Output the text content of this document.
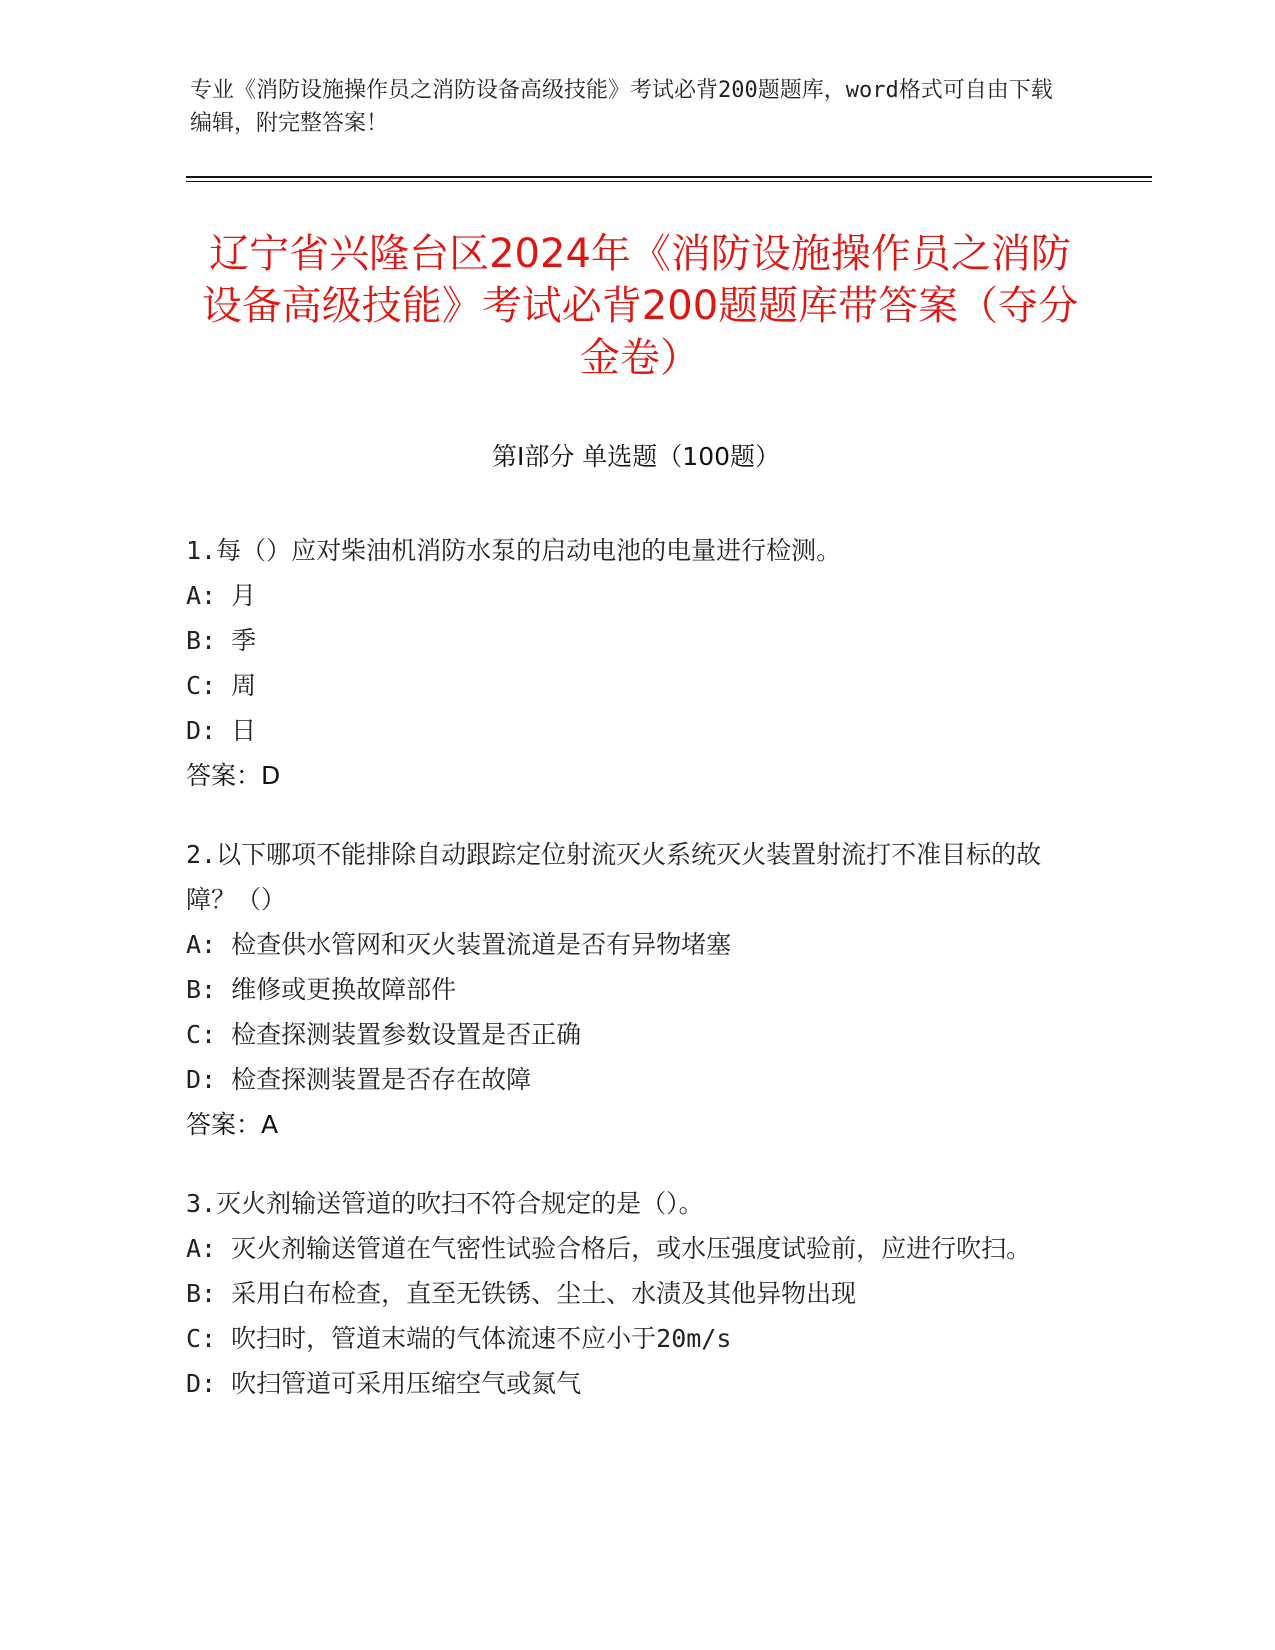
专业《消防设施操作员之消防设备高级技能》考试必背200题题库，word格式可自由下载编辑，附完整答案！
辽宁省兴隆台区2024年《消防设施操作员之消防设备高级技能》考试必背200题题库带答案（夺分金卷）
第Ⅰ部分 单选题（100题）
1.每（）应对柴油机消防水泵的启动电池的电量进行检测。
A: 月
B: 季
C: 周
D: 日
答案：D
2.以下哪项不能排除自动跟踪定位射流灭火系统灭火装置射流打不准目标的故障？（）
A: 检查供水管网和灭火装置流道是否有异物堵塞
B: 维修或更换故障部件
C: 检查探测装置参数设置是否正确
D: 检查探测装置是否存在故障
答案：A
3.灭火剂输送管道的吹扫不符合规定的是（）。
A: 灭火剂输送管道在气密性试验合格后，或水压强度试验前，应进行吹扫。
B: 采用白布检查，直至无铁锈、尘土、水渍及其他异物出现
C: 吹扫时，管道末端的气体流速不应小于20m/s
D: 吹扫管道可采用压缩空气或氮气
